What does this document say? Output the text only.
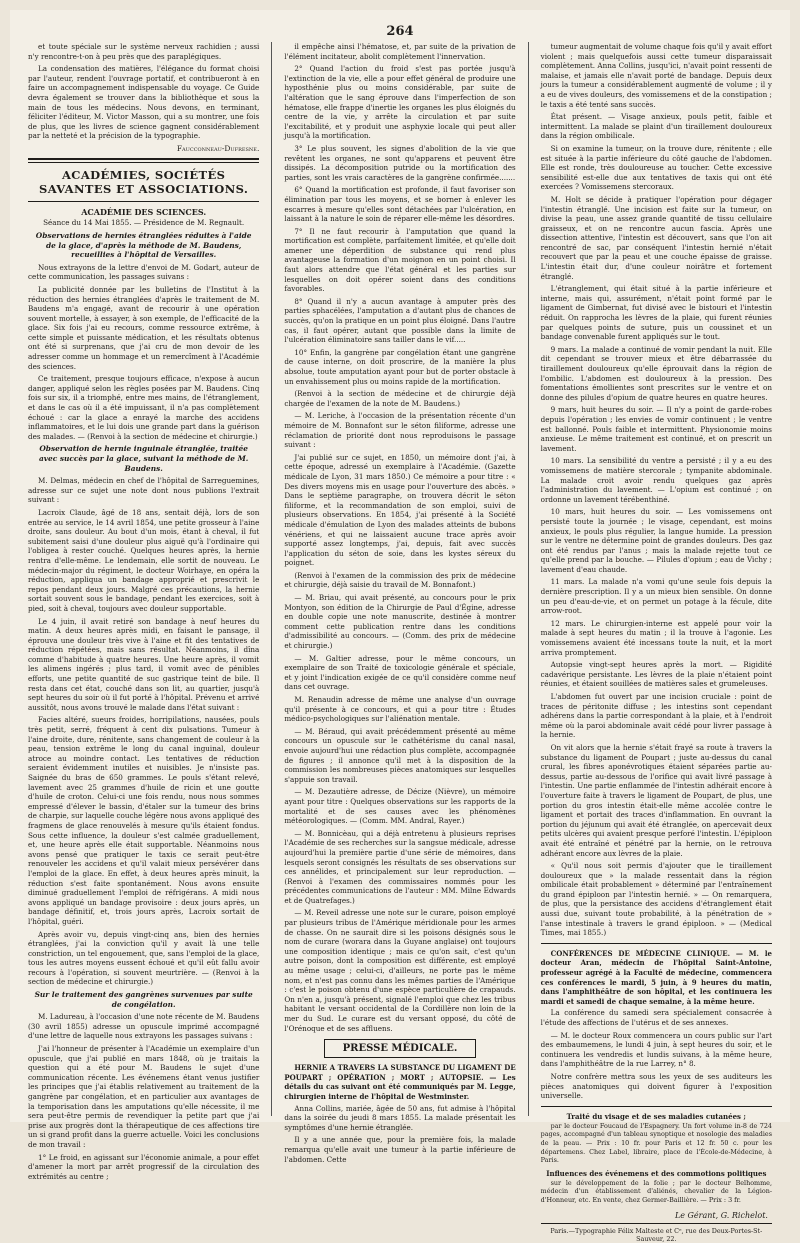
264

et toute spéciale sur le système nerveux rachidien ; aussi n'y rencontre-t-on à peu près que des paraplégiques.

La condensation des matières, l'élégance du format choisi par l'auteur, rendent l'ouvrage portatif, et contribueront à en faire un accompagnement indispensable du voyage. Ce Guide devra également se trouver dans la bibliothèque et sous la main de tous les médecins. Nous devons, en terminant, féliciter l'éditeur, M. Victor Masson, qui a su montrer, une fois de plus, que les livres de science gagnent considérablement par la netteté et la précision de la typographie.

Faucconneau-Dufresne.
ACADÉMIES, SOCIÉTÉS SAVANTES ET ASSOCIATIONS.
ACADÉMIE DES SCIENCES.
Séance du 14 Mai 1855. — Présidence de M. Regnault.
Observations de hernies étranglées réduites à l'aide de la glace, d'après la méthode de M. Baudens, recueillies à l'hôpital de Versailles.

Nous extrayons de la lettre d'envoi de M. Godart, auteur de cette communication, les passages suivans :

La publicité donnée par les bulletins de l'Institut à la réduction des hernies étranglées d'après le traitement de M. Baudens m'a engagé, avant de recourir à une opération souvent mortelle, à essayer, à son exemple, de l'efficacité de la glace. Six fois j'ai eu recours, comme ressource extrême, à cette simple et puissante médication, et les résultats obtenus ont été si surprenans, que j'ai cru de mon devoir de les adresser comme un hommage et un remercîment à l'Académie des sciences.

Ce traitement, presque toujours efficace, n'expose à aucun danger, appliqué selon les règles posées par M. Baudens. Cinq fois sur six, il a triomphé, entre mes mains, de l'étranglement, et dans le cas où il a été impuissant, il n'a pas complètement échoué : car la glace a enrayé la marche des accidens inflammatoires, et le lui dois une grande part dans la guérison des malades. — (Renvoi à la section de médecine et chirurgie.)

Observation de hernie inguinale étranglée, traitée avec succès par la glace, suivant la méthode de M. Baudens.

M. Delmas, médecin en chef de l'hôpital de Sarreguemines, adresse sur ce sujet une note dont nous publions l'extrait suivant :

Lacroix Claude, âgé de 18 ans, sentait déjà, lors de son entrée au service, le 14 avril 1854, une petite grosseur à l'aine droite, sans douleur. Au bout d'un mois, étant à cheval, il fut subitement saisi d'une douleur plus aiguë qu'à l'ordinaire qui l'obligea à rester couché. Quelques heures après, la hernie rentra d'elle-même. Le lendemain, elle sortit de nouveau. Le médecin-major du régiment, le docteur Woirhaye, en opéra la réduction, appliqua un bandage approprié et prescrivit le repos pendant deux jours. Malgré ces précautions, la hernie sortait souvent sous le bandage, pendant les exercices, soit à pied, soit à cheval, toujours avec douleur supportable.

Le 4 juin, il avait retiré son bandage à neuf heures du matin. A deux heures après midi, en faisant le pansage, il éprouva une douleur très vive à l'aine et fit des tentatives de réduction répétées, mais sans résultat. Néanmoins, il dîna comme d'habitude à quatre heures. Une heure après, il vomit les alimens ingérés ; plus tard, il vomit avec de pénibles efforts, une petite quantité de suc gastrique teint de bile. Il resta dans cet état, couché dans son lit, au quartier, jusqu'à sept heures du soir où il fut porté à l'hôpital. Prévenu et arrivé aussitôt, nous avons trouvé le malade dans l'état suivant :

Facies altéré, sueurs froides, horripilations, nausées, pouls très petit, serré, fréquent à cent dix pulsations. Tumeur à l'aine droite, dure, rénitente, sans changement de couleur à la peau, tension extrême le long du canal inguinal, douleur atroce au moindre contact. Les tentatives de réduction seraient évidemment inutiles et nuisibles. Je n'insiste pas. Saignée du bras de 650 grammes. Le pouls s'étant relevé, lavement avec 25 grammes d'huile de ricin et une goutte d'huile de croton. Celui-ci une fois rendu, nous nous sommes empressé d'élever le bassin, d'étaler sur la tumeur des brins de charpie, sur laquelle couche légère nous avons appliqué des fragmens de glace renouvelés à mesure qu'ils étaient fondus. Sous cette influence, la douleur s'est calmée graduellement, et, une heure après elle était supportable. Néanmoins nous avons pensé que pratiquer le taxis ce serait peut-être renouveler les accidens et qu'il valait mieux persévérer dans l'emploi de la glace. En effet, à deux heures après minuit, la réduction s'est faite spontanément. Nous avons ensuite diminué graduellement l'emploi de réfrigérans. A midi nous avons appliqué un bandage provisoire : deux jours après, un bandage définitif, et, trois jours après, Lacroix sortait de l'hôpital, guéri.

Après avoir vu, depuis vingt-cinq ans, bien des hernies étranglées, j'ai la conviction qu'il y avait là une telle constriction, un tel engouement, que, sans l'emploi de la glace, tous les autres moyens eussent échoué et qu'il eût fallu avoir recours à l'opération, si souvent meurtrière. — (Renvoi à la section de médecine et chirurgie.)

Sur le traitement des gangrènes survenues par suite de congélation.

M. Ladureau, à l'occasion d'une note récente de M. Baudens (30 avril 1855) adresse un opuscule imprimé accompagné d'une lettre de laquelle nous extrayons les passages suivans :

J'ai l'honneur de présenter à l'Académie un exemplaire d'un opuscule, que j'ai publié en mars 1848, où je traitais la question qui a été pour M. Baudens le sujet d'une communication récente. Les événemens étant venus justifier les principes que j'ai établis relativement au traitement de la gangrène par congélation, et en particulier aux avantages de la temporisation dans les amputations qu'elle nécessite, il me sera peut-être permis de revendiquer la petite part que j'ai prise aux progrès dont la thérapeutique de ces affections tire un si grand profit dans la guerre actuelle. Voici les conclusions de mon travail :

1° Le froid, en agissant sur l'économie animale, a pour effet d'amener la mort par arrêt progressif de la circulation des extrémités au centre ;

il empêche ainsi l'hématose, et, par suite de la privation de l'élément incitateur, abolit complètement l'innervation.

2° Quand l'action du froid s'est pas portée jusqu'à l'extinction de la vie, elle a pour effet général de produire une hyposthénie plus ou moins considérable, par suite de l'altération que le sang éprouve dans l'imperfection de son hématose, elle frappe d'inertie les organes les plus éloignés du centre de la vie, y arrête la circulation et par suite l'excitabilité, et y produit une asphyxie locale qui peut aller jusqu'à la mortification.

3° Le plus souvent, les signes d'abolition de la vie que revêtent les organes, ne sont qu'apparens et peuvent être dissipés. La décomposition putride ou la mortification des parties, sont les vrais caractères de la gangrène confirmée.......

6° Quand la mortification est profonde, il faut favoriser son élimination par tous les moyens, et se borner à enlever les escarres à mesure qu'elles sont détachées par l'ulcération, en laissant à la nature le soin de réparer elle-même les désordres.

7° Il ne faut recourir à l'amputation que quand la mortification est complète, parfaitement limitée, et qu'elle doit amener une déperdition de substance qui rend plus avantageuse la formation d'un moignon en un point choisi. Il faut alors attendre que l'état général et les parties sur lesquelles on doit opérer soient dans des conditions favorables.

8° Quand il n'y a aucun avantage à amputer près des parties sphacélées, l'amputation a d'autant plus de chances de succès, qu'on la pratique en un point plus éloigné. Dans l'autre cas, il faut opérer, autant que possible dans la limite de l'ulcération éliminatoire sans tailler dans le vif.....

10° Enfin, la gangrène par congélation étant une gangrène de cause interne, on doit proscrire, de la manière la plus absolue, toute amputation ayant pour but de porter obstacle à un envahissement plus ou moins rapide de la mortification.

(Renvoi à la section de médecine et de chirurgie déjà chargée de l'examen de la note de M. Baudens.)

— M. Leriche, à l'occasion de la présentation récente d'un mémoire de M. Bonnafont sur le séton filiforme, adresse une réclamation de priorité dont nous reproduisons le passage suivant :

J'ai publié sur ce sujet, en 1850, un mémoire dont j'ai, à cette époque, adressé un exemplaire à l'Académie. (Gazette médicale de Lyon, 31 mars 1850.) Ce mémoire a pour titre : « Des divers moyens mis en usage pour l'ouverture des abcès. » Dans le septième paragraphe, on trouvera décrit le séton filiforme, et la recommandation de son emploi, suivi de plusieurs observations. En 1854, j'ai présenté à la Société médicale d'émulation de Lyon des malades atteints de bubons vénériens, et qui ne laissaient aucune trace après avoir supporté assez longtemps, j'ai, depuis, fait avec succès l'application du séton de soie, dans les kystes séreux du poignet.

(Renvoi à l'examen de la commission des prix de médecine et chirurgie, déjà saisie du travail de M. Bonnafont.)

— M. Briau, qui avait présenté, au concours pour le prix Montyon, son édition de la Chirurgie de Paul d'Égine, adresse en double copie une note manuscrite, destinée à montrer comment cette publication rentre dans les conditions d'admissibilité au concours. — (Comm. des prix de médecine et chirurgie.)

— M. Galtier adresse, pour le même concours, un exemplaire de son Traité de toxicologie générale et spéciale, et y joint l'indication exigée de ce qu'il considère comme neuf dans cet ouvrage.

M. Renaudin adresse de même une analyse d'un ouvrage qu'il présente à ce concours, et qui a pour titre : Études médico-psychologiques sur l'aliénation mentale.

— M. Béraud, qui avait précédemment présenté au même concours un opuscule sur le cathétérisme du canal nasal, envoie aujourd'hui une rédaction plus complète, accompagnée de figures ; il annonce qu'il met à la disposition de la commission les nombreuses pièces anatomiques sur lesquelles s'appuie son travail.

— M. Dezautière adresse, de Décize (Nièvre), un mémoire ayant pour titre : Quelques observations sur les rapports de la mortalité et de ses causes avec les phénomènes météorologiques. — (Comm. MM. Andral, Rayer.)

— M. Bonnicèau, qui a déjà entretenu à plusieurs reprises l'Académie de ses recherches sur la sangsue médicale, adresse aujourd'hui la première partie d'une série de mémoires, dans lesquels seront consignés les résultats de ses observations sur ces annélides, et principalement sur leur reproduction. — (Renvoi à l'examen des commissaires nommés pour les précédentes communications de l'auteur : MM. Milne Edwards et de Quatrefages.)

— M. Reveil adresse une note sur le curare, poison employé par plusieurs tribus de l'Amérique méridionale pour les armes de chasse. On ne saurait dire si les poisons désignés sous le nom de curare (worara dans la Guyane anglaise) ont toujours une composition identique ; mais ce qu'on sait, c'est qu'un autre poison, dont la composition est différente, est employé au même usage ; celui-ci, d'ailleurs, ne porte pas le même nom, et n'est pas connu dans les mêmes parties de l'Amérique : c'est le poison obtenu d'une espèce particulière de crapauds. On n'en a, jusqu'à présent, signalé l'emploi que chez les tribus habitant le versant occidental de la Cordillère non loin de la mer du Sud. Le curare est du versant opposé, du côté de l'Orénoque et de ses affluens.

PRESSE MÉDICALE.
HERNIE A TRAVERS LA SUBSTANCE DU LIGAMENT DE POUPART ; OPÉRATION ; MORT ; AUTOPSIE. — Les détails du cas suivant ont été communiqués par M. Legge, chirurgien interne de l'hôpital de Westminster.

Anna Collins, mariée, âgée de 50 ans, fut admise à l'hôpital dans la soirée du jeudi 8 mars 1855. La malade présentait les symptômes d'une hernie étranglée.

Il y a une année que, pour la première fois, la malade remarqua qu'elle avait une tumeur à la partie inférieure de l'abdomen. Cette

tumeur augmentait de volume chaque fois qu'il y avait effort violent ; mais quelquefois aussi cette tumeur disparaissait complètement. Anna Collins, jusqu'ici, n'avait point ressenti de malaise, et jamais elle n'avait porté de bandage. Depuis deux jours la tumeur a considérablement augmenté de volume ; il y a eu de vives douleurs, des vomissemens et de la constipation ; le taxis a été tenté sans succès.

État présent. — Visage anxieux, pouls petit, faible et intermittent. La malade se plaint d'un tiraillement douloureux dans la région ombilicale.

Si on examine la tumeur, on la trouve dure, rénitente ; elle est située à la partie inférieure du côté gauche de l'abdomen. Elle est ronde, très douloureuse au toucher. Cette excessive sensibilité est-elle due aux tentatives de taxis qui ont été exercées ? Vomissemens stercoraux.

M. Holt se décide à pratiquer l'opération pour dégager l'intestin étranglé. Une incision est faite sur la tumeur, on divise la peau, une assez grande quantité de tissu cellulaire graisseux, et on ne rencontre aucun fascia. Après une dissection attentive, l'intestin est découvert, sans que l'on ait rencontré de sac, par conséquent l'intestin hernié n'était recouvert que par la peau et une couche épaisse de graisse. L'intestin était dur, d'une couleur noirâtre et fortement étranglé.

L'étranglement, qui était situé à la partie inférieure et interne, mais qui, assurément, n'était point formé par le ligament de Gimbernat, fut divisé avec le bistouri et l'intestin réduit. On rapprocha les lèvres de la plaie, qui furent réunies par quelques points de suture, puis un coussinet et un bandage convenable furent appliqués sur le tout.

9 mars. La malade a continué de vomir pendant la nuit. Elle dit cependant se trouver mieux et être débarrassée du tiraillement douloureux qu'elle éprouvait dans la région de l'ombilic. L'abdomen est douloureux à la pression. Des fomentations émollientes sont prescrites sur le ventre et on donne des pilules d'opium de quatre heures en quatre heures.

9 mars, huit heures du soir. — Il n'y a point de garde-robes depuis l'opération ; les envies de vomir continuent ; le ventre est ballonné. Pouls faible et intermittent. Physionomie moins anxieuse. Le même traitement est continué, et on prescrit un lavement.

10 mars. La sensibilité du ventre a persisté ; il y a eu des vomissemens de matière stercorale ; tympanite abdominale. La malade croit avoir rendu quelques gaz après l'administration du lavement. — L'opium est continué ; on ordonne un lavement térébenthiné.

10 mars, huit heures du soir. — Les vomissemens ont persisté toute la journée ; le visage, cependant, est moins anxieux, le pouls plus régulier, la langue humide. La pression sur le ventre ne détermine point de grandes douleurs. Des gaz ont été rendus par l'anus ; mais la malade rejette tout ce qu'elle prend par la bouche. — Pilules d'opium ; eau de Vichy ; lavement d'eau chaude.

11 mars. La malade n'a vomi qu'une seule fois depuis la dernière prescription. Il y a un mieux bien sensible. On donne un peu d'eau-de-vie, et on permet un potage à la fécule, dite arrow-root.

12 mars. Le chirurgien-interne est appelé pour voir la malade à sept heures du matin ; il la trouve à l'agonie. Les vomissemens avaient été incessans toute la nuit, et la mort arriva promptement.

Autopsie vingt-sept heures après la mort. — Rigidité cadavérique persistante. Les lèvres de la plaie n'étaient point réunies, et étaient souillées de matières sales et grumeleuses.

L'abdomen fut ouvert par une incision cruciale : point de traces de péritonite diffuse ; les intestins sont cependant adhérens dans la partie correspondant à la plaie, et à l'endroit même où la paroi abdominale avait cédé pour livrer passage à la hernie.

On vit alors que la hernie s'était frayé sa route à travers la substance du ligament de Poupart ; juste au-dessus du canal crural, les fibres aponévrotiques étaient séparées partie au-dessus, partie au-dessous de l'orifice qui avait livré passage à l'intestin. Une partie enflammée de l'intestin adhérait encore à l'ouverture faite à travers le ligament de Poupart, de plus, une portion du gros intestin était-elle même accolée contre le ligament et portait des traces d'inflammation. En ouvrant la portion du jéjunum qui avait été étranglée, on apercevait deux petits ulcères qui avaient presque perforé l'intestin. L'épiploon avait été entraîné et pénétré par la hernie, on le retrouva adhérant encore aux lèvres de la plaie.

« Qu'il nous soit permis d'ajouter que le tiraillement douloureux que » la malade ressentait dans la région ombilicale était probablement » déterminé par l'entraînement du grand épiploon par l'intestin hernié. » — On remarquera, de plus, que la persistance des accidens d'étranglement était aussi due, suivant toute probabilité, à la pénétration de » l'anse intestinale à travers le grand épiploon. » — (Medical Times, mai 1855.)

CONFÉRENCES DE MÉDECINE CLINIQUE. — M. le docteur Aran, médecin de l'hôpital Saint-Antoine, professeur agrégé à la Faculté de médecine, commencera ces conférences le mardi, 5 juin, à 9 heures du matin, dans l'amphithéâtre de son hôpital, et les continuera les mardi et samedi de chaque semaine, à la même heure.

La conférence du samedi sera spécialement consacrée à l'étude des affections de l'utérus et de ses annexes.

— M. le docteur Roux commencera un cours public sur l'art des embaumemens, le lundi 4 juin, à sept heures du soir, et le continuera les vendredis et lundis suivans, à la même heure, dans l'amphithéâtre de la rue Larrey, n° 8.

Notre confrère mettra sous les yeux de ses auditeurs les pièces anatomiques qui doivent figurer à l'exposition universelle.

Traité du visage et de ses maladies cutanées ;

par le docteur Foucaud de l'Espagnery. Un fort volume in-8 de 724 pages, accompagné d'un tableau synoptique et nosologie des maladies de la peau. — Prix : 10 fr. pour Paris et 12 fr. 50 c. pour les départemens. Chez Label, libraire, place de l'École-de-Médecine, à Paris.

Influences des événemens et des commotions politiques

sur le développement de la folie ; par le docteur Belhomme, médecin d'un établissement d'aliénés, chevalier de la Légion-d'Honneur, etc. En vente, chez Germer-Baillière. — Prix : 3 fr.

Le Gérant, G. Richelot.
Paris.—Typographie Félix Malteste et Cᵉ, rue des Deux-Portes-St-Sauveur, 22.
